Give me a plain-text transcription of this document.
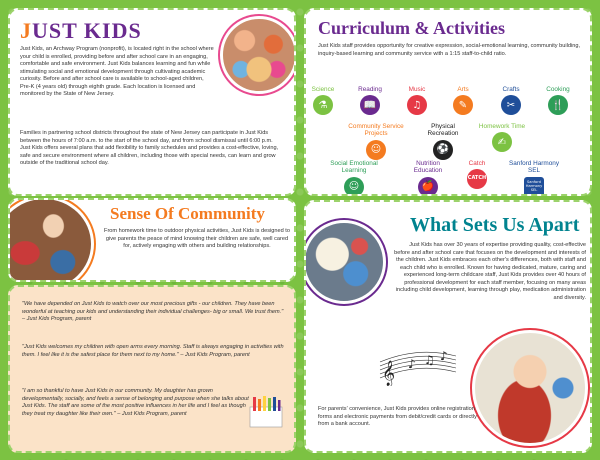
JUST KIDS

Just Kids, an Archway Program (nonprofit), is located right in the school where your child is enrolled, providing before and after school care in an engaging, comfortable and safe environment. Just Kids balances learning and fun while stimulating social and emotional development through cultivating academic curiosity. Before and after school care is available to school-aged children, Pre-K (4 years old) through eighth grade. Each location is licensed and monitored by the State of New Jersey.

Families in partnering school districts throughout the state of New Jersey can participate in Just Kids between the hours of 7:00 a.m. to the start of the school day, and from school dismissal until 6:00 p.m. Just Kids offers several plans that add flexibility to family schedules and provides a cost-effective, loving, safe and secure environment where all children, including those with special needs, can learn and grow outside of the traditional school day.

Sense Of Community

From homework time to outdoor physical activities, Just Kids is designed to give parents the peace of mind knowing their children are safe, well cared for, actively engaging with others and building relationships.

"We have depended on Just Kids to watch over our most precious gifts - our children. They have been wonderful at teaching our kids and understanding their individual challenges- big or small. We trust them." – Just Kids Program, parent

"Just Kids welcomes my children with open arms every morning. Staff is always engaging in activities with them. I feel like it is the safest place for them next to my home." – Just Kids Program, parent

"I am so thankful to have Just Kids in our community. My daughter has grown developmentally, socially, and feels a sense of belonging and purpose when she talks about Just Kids. The staff are some of the most positive influences in her life and I feel as though they treat my daughter like their own." – Just Kids Program, parent

Curriculum & Activities

Just Kids staff provides opportunity for creative expression, social-emotional learning, community building, inquiry-based learning and community service with a 1:15 staff-to-child ratio.

Science
⚗
Reading
📖
Music
♫
Arts
✎
Crafts
✂
Cooking
🍴
Community Service Projects
☺
Physical Recreation
⚽
Homework Time
✍
Social Emotional Learning
☺
Nutrition Education
🍎
Catch
CATCH
Sanford Harmony SEL
Sanford Harmony SEL
What Sets Us Apart

Just Kids has over 30 years of expertise providing quality, cost-effective before and after school care that focuses on the development and interests of the children. Just Kids embraces each other's differences, both with staff and each child who is enrolled. Known for having dedicated, mature, caring and experienced long-term childcare staff, Just Kids provides over 40 hours of professional development for each staff member, focusing on many areas including child development, learning through play, medication administration and diversity.

𝄞 ♪ ♫ ♪

For parents' convenience, Just Kids provides online registration forms and electronic payments from debit/credit cards or directly from a bank account.
